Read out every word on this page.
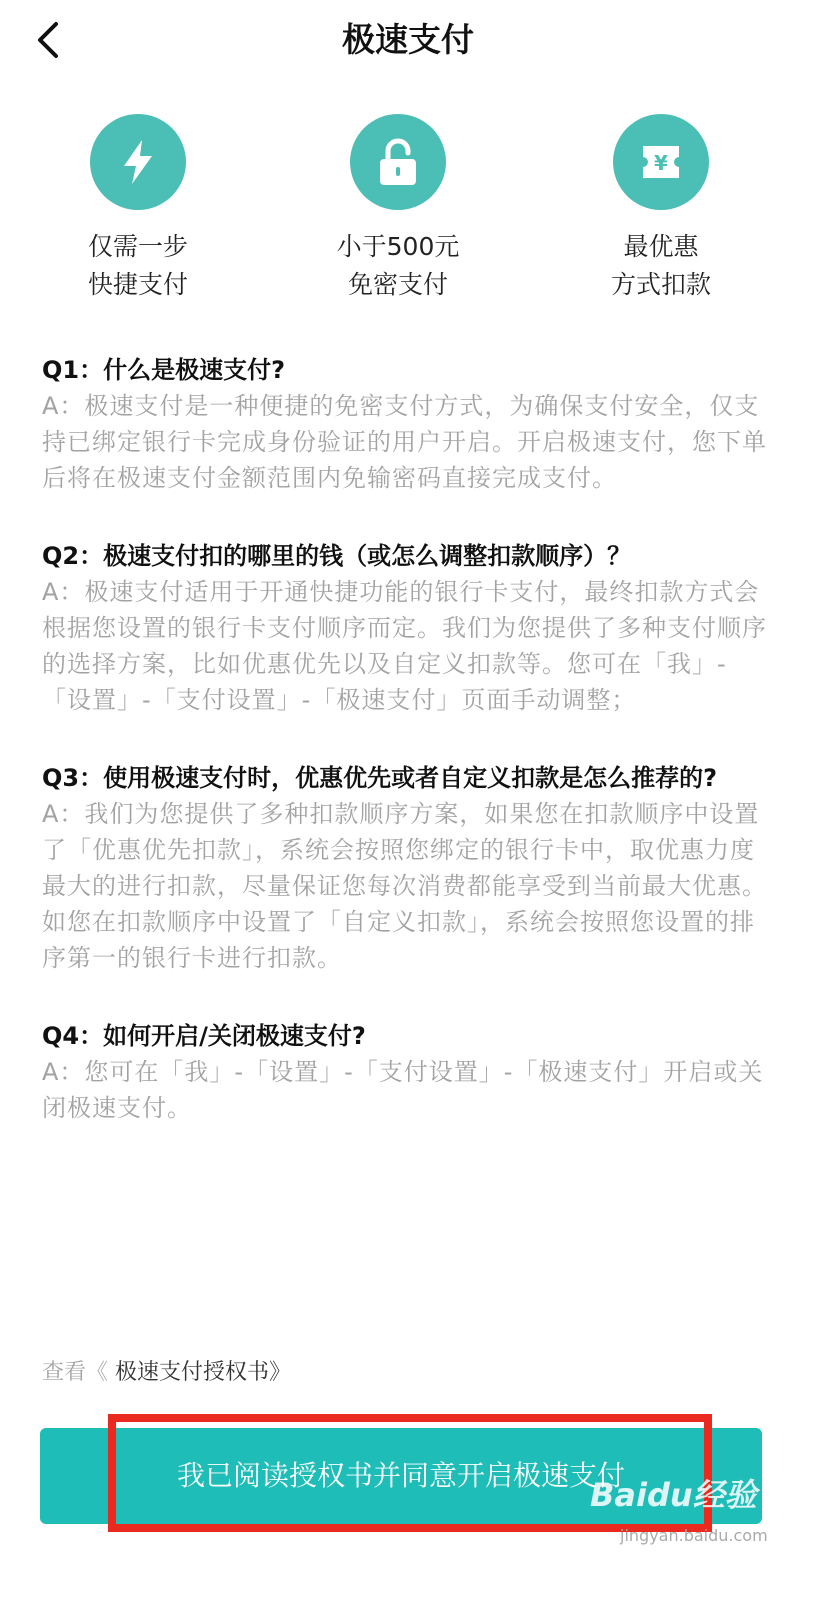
极速支付
仅需一步
快捷支付
小于500元
免密支付
¥
最优惠
方式扣款
Q1：什么是极速支付?
A：极速支付是一种便捷的免密支付方式，为确保支付安全，仅支持已绑定银行卡完成身份验证的用户开启。开启极速支付，您下单后将在极速支付金额范围内免输密码直接完成支付。
Q2：极速支付扣的哪里的钱（或怎么调整扣款顺序）？
A：极速支付适用于开通快捷功能的银行卡支付，最终扣款方式会根据您设置的银行卡支付顺序而定。我们为您提供了多种支付顺序的选择方案，比如优惠优先以及自定义扣款等。您可在「我」-「设置」-「支付设置」-「极速支付」页面手动调整；
Q3：使用极速支付时，优惠优先或者自定义扣款是怎么推荐的?
A：我们为您提供了多种扣款顺序方案，如果您在扣款顺序中设置了「优惠优先扣款」，系统会按照您绑定的银行卡中，取优惠力度最大的进行扣款，尽量保证您每次消费都能享受到当前最大优惠。如您在扣款顺序中设置了「自定义扣款」，系统会按照您设置的排序第一的银行卡进行扣款。
Q4：如何开启/关闭极速支付?
A：您可在「我」-「设置」-「支付设置」-「极速支付」开启或关闭极速支付。
查看《 极速支付授权书》
我已阅读授权书并同意开启极速支付
Baidu经验
jingyan.baidu.com
